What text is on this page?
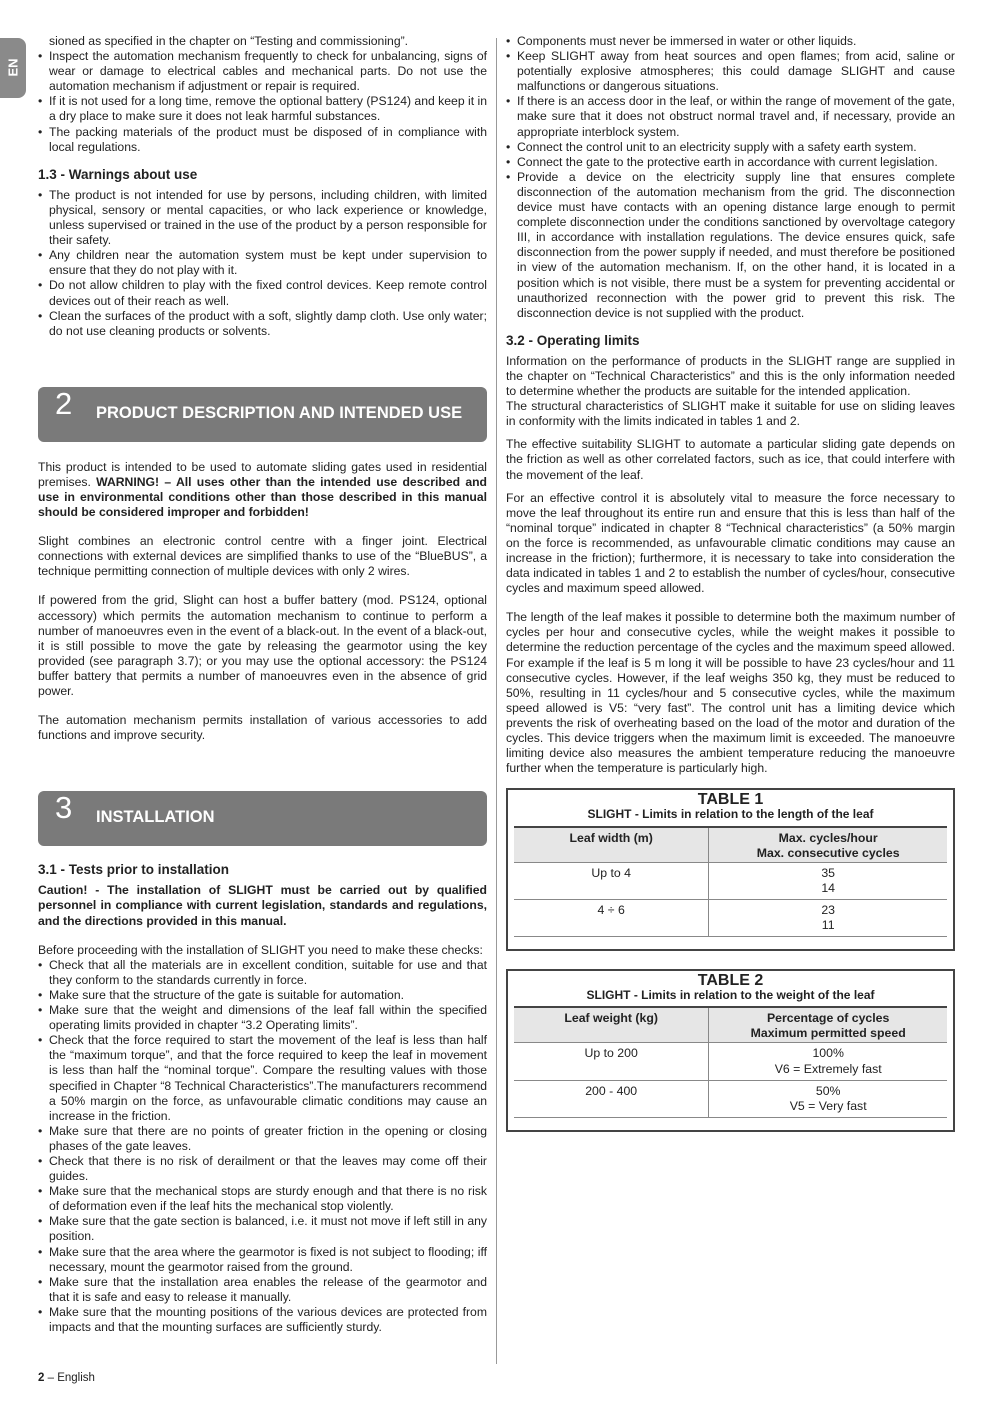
EN
sioned as specified in the chapter on “Testing and commissioning”.
• Inspect the automation mechanism frequently to check for unbalancing, signs of wear or damage to electrical cables and mechanical parts. Do not use the automation mechanism if adjustment or repair is required.
• If it is not used for a long time, remove the optional battery (PS124) and keep it in a dry place to make sure it does not leak harmful substances.
• The packing materials of the product must be disposed of in compliance with local regulations.
1.3 - Warnings about use
• The product is not intended for use by persons, including children, with limited physical, sensory or mental capacities, or who lack experience or knowledge, unless supervised or trained in the use of the product by a person responsible for their safety.
• Any children near the automation system must be kept under supervision to ensure that they do not play with it.
• Do not allow children to play with the fixed control devices. Keep remote control devices out of their reach as well.
• Clean the surfaces of the product with a soft, slightly damp cloth. Use only water; do not use cleaning products or solvents.
2 PRODUCT DESCRIPTION AND INTENDED USE

This product is intended to be used to automate sliding gates used in residential premises. WARNING! – All uses other than the intended use described and use in environmental conditions other than those described in this manual should be considered improper and forbidden!

Slight combines an electronic control centre with a finger joint. Electrical connections with external devices are simplified thanks to use of the “BlueBUS”, a technique permitting connection of multiple devices with only 2 wires.

If powered from the grid, Slight can host a buffer battery (mod. PS124, optional accessory) which permits the automation mechanism to continue to perform a number of manoeuvres even in the event of a black-out. In the event of a black-out, it is still possible to move the gate by releasing the gearmotor using the key provided (see paragraph 3.7); or you may use the optional accessory: the PS124 buffer battery that permits a number of manoeuvres even in the absence of grid power.

The automation mechanism permits installation of various accessories to add functions and improve security.

3 INSTALLATION
3.1 - Tests prior to installation

Caution! - The installation of SLIGHT must be carried out by qualified personnel in compliance with current legislation, standards and regulations, and the directions provided in this manual.

Before proceeding with the installation of SLIGHT you need to make these checks:

• Check that all the materials are in excellent condition, suitable for use and that they conform to the standards currently in force.
• Make sure that the structure of the gate is suitable for automation.
• Make sure that the weight and dimensions of the leaf fall within the specified operating limits provided in chapter “3.2 Operating limits”.
• Check that the force required to start the movement of the leaf is less than half the “maximum torque”, and that the force required to keep the leaf in movement is less than half the “nominal torque”. Compare the resulting values with those specified in Chapter “8 Technical Characteristics”.The manufacturers recommend a 50% margin on the force, as unfavourable climatic conditions may cause an increase in the friction.
• Make sure that there are no points of greater friction in the opening or closing phases of the gate leaves.
• Check that there is no risk of derailment or that the leaves may come off their guides.
• Make sure that the mechanical stops are sturdy enough and that there is no risk of deformation even if the leaf hits the mechanical stop violently.
• Make sure that the gate section is balanced, i.e. it must not move if left still in any position.
• Make sure that the area where the gearmotor is fixed is not subject to flooding; iff necessary, mount the gearmotor raised from the ground.
• Make sure that the installation area enables the release of the gearmotor and that it is safe and easy to release it manually.
• Make sure that the mounting positions of the various devices are protected from impacts and that the mounting surfaces are sufficiently sturdy.
• Components must never be immersed in water or other liquids.
• Keep SLIGHT away from heat sources and open flames; from acid, saline or potentially explosive atmospheres; this could damage SLIGHT and cause malfunctions or dangerous situations.
• If there is an access door in the leaf, or within the range of movement of the gate, make sure that it does not obstruct normal travel and, if necessary, provide an appropriate interblock system.
• Connect the control unit to an electricity supply with a safety earth system.
• Connect the gate to the protective earth in accordance with current legislation.
• Provide a device on the electricity supply line that ensures complete disconnection of the automation mechanism from the grid. The disconnection device must have contacts with an opening distance large enough to permit complete disconnection under the conditions sanctioned by overvoltage category III, in accordance with installation regulations. The device ensures quick, safe disconnection from the power supply if needed, and must therefore be positioned in view of the automation mechanism. If, on the other hand, it is located in a position which is not visible, there must be a system for preventing accidental or unauthorized reconnection with the power grid to prevent this risk. The disconnection device is not supplied with the product.
3.2 - Operating limits

Information on the performance of products in the SLIGHT range are supplied in the chapter on “Technical Characteristics” and this is the only information needed to determine whether the products are suitable for the intended application.

The structural characteristics of SLIGHT make it suitable for use on sliding leaves in conformity with the limits indicated in tables 1 and 2.

The effective suitability SLIGHT to automate a particular sliding gate depends on the friction as well as other correlated factors, such as ice, that could interfere with the movement of the leaf.

For an effective control it is absolutely vital to measure the force necessary to move the leaf throughout its entire run and ensure that this is less than half of the “nominal torque” indicated in chapter 8 “Technical characteristics” (a 50% margin on the force is recommended, as unfavourable climatic conditions may cause an increase in the friction); furthermore, it is necessary to take into consideration the data indicated in tables 1 and 2 to establish the number of cycles/hour, consecutive cycles and maximum speed allowed.

The length of the leaf makes it possible to determine both the maximum number of cycles per hour and consecutive cycles, while the weight makes it possible to determine the reduction percentage of the cycles and the maximum speed allowed. For example if the leaf is 5 m long it will be possible to have 23 cycles/hour and 11 consecutive cycles. However, if the leaf weighs 350 kg, they must be reduced to 50%, resulting in 11 cycles/hour and 5 consecutive cycles, while the maximum speed allowed is V5: “very fast”. The control unit has a limiting device which prevents the risk of overheating based on the load of the motor and duration of the cycles. This device triggers when the maximum limit is exceeded. The manoeuvre limiting device also measures the ambient temperature reducing the manoeuvre further when the temperature is particularly high.

TABLE 1
SLIGHT - Limits in relation to the length of the leaf
Leaf width (m)	Max. cycles/hour
Max. consecutive cycles

Up to 4	35
14

4 ÷ 6	23
11
TABLE 2
SLIGHT - Limits in relation to the weight of the leaf
Leaf weight (kg)	Percentage of cycles
Maximum permitted speed

Up to 200	100%
V6 = Extremely fast

200 - 400	50%
V5 = Very fast
2 – English
